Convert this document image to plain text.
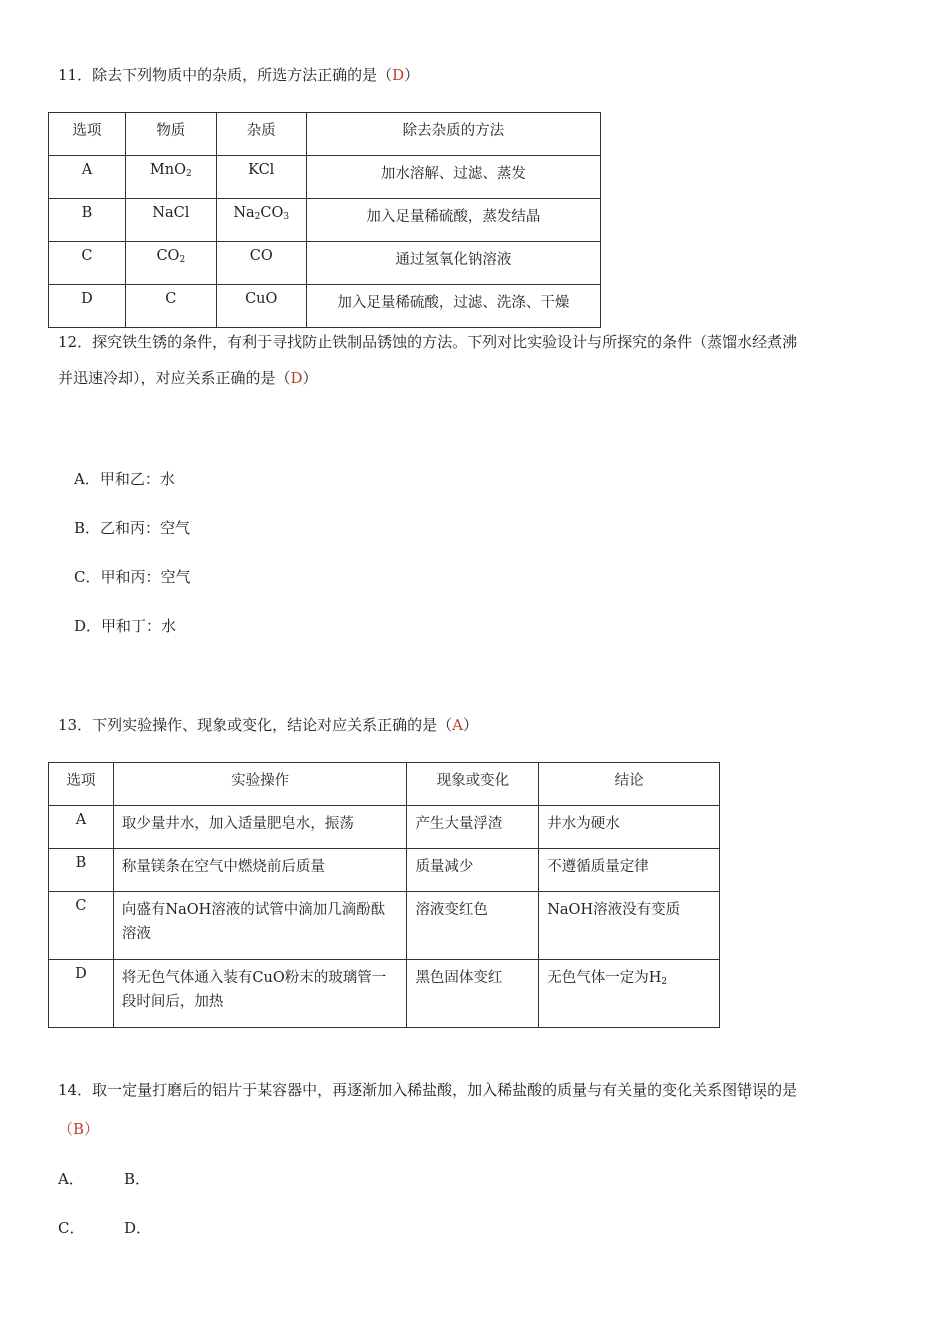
11．除去下列物质中的杂质，所选方法正确的是（D）
选项	物质	杂质	除去杂质的方法
A	MnO$_2$	KCl	加水溶解、过滤、蒸发
B	NaCl	$Na_2CO_3$	加入足量稀硫酸，蒸发结晶
C	$CO_2$	CO	通过氢氧化钠溶液
D	C	CuO	加入足量稀硫酸，过滤、洗涤、干燥
12．探究铁生锈的条件，有利于寻找防止铁制品锈蚀的方法。下列对比实验设计与所探究的条件（蒸馏水经煮沸
并迅速冷却），对应关系正确的是（D）
A．甲和乙：水
B．乙和丙：空气
C．甲和丙：空气
D．甲和丁：水
13．下列实验操作、现象或变化，结论对应关系正确的是（A）
选项	实验操作	现象或变化	结论
A	取少量井水，加入适量肥皂水，振荡	产生大量浮渣	井水为硬水
B	称量镁条在空气中燃烧前后质量	质量减少	不遵循质量定律
C	向盛有NaOH溶液的试管中滴加几滴酚酞溶液	溶液变红色	NaOH溶液没有变质
D	将无色气体通入装有CuO粉末的玻璃管一段时间后，加热	黑色固体变红	无色气体一定为$H_2$
14．取一定量打磨后的铝片于某容器中，再逐渐加入稀盐酸，加入稀盐酸的质量与有关量的变化关系图错误的是
（B）
A．	B．
C．	D．
